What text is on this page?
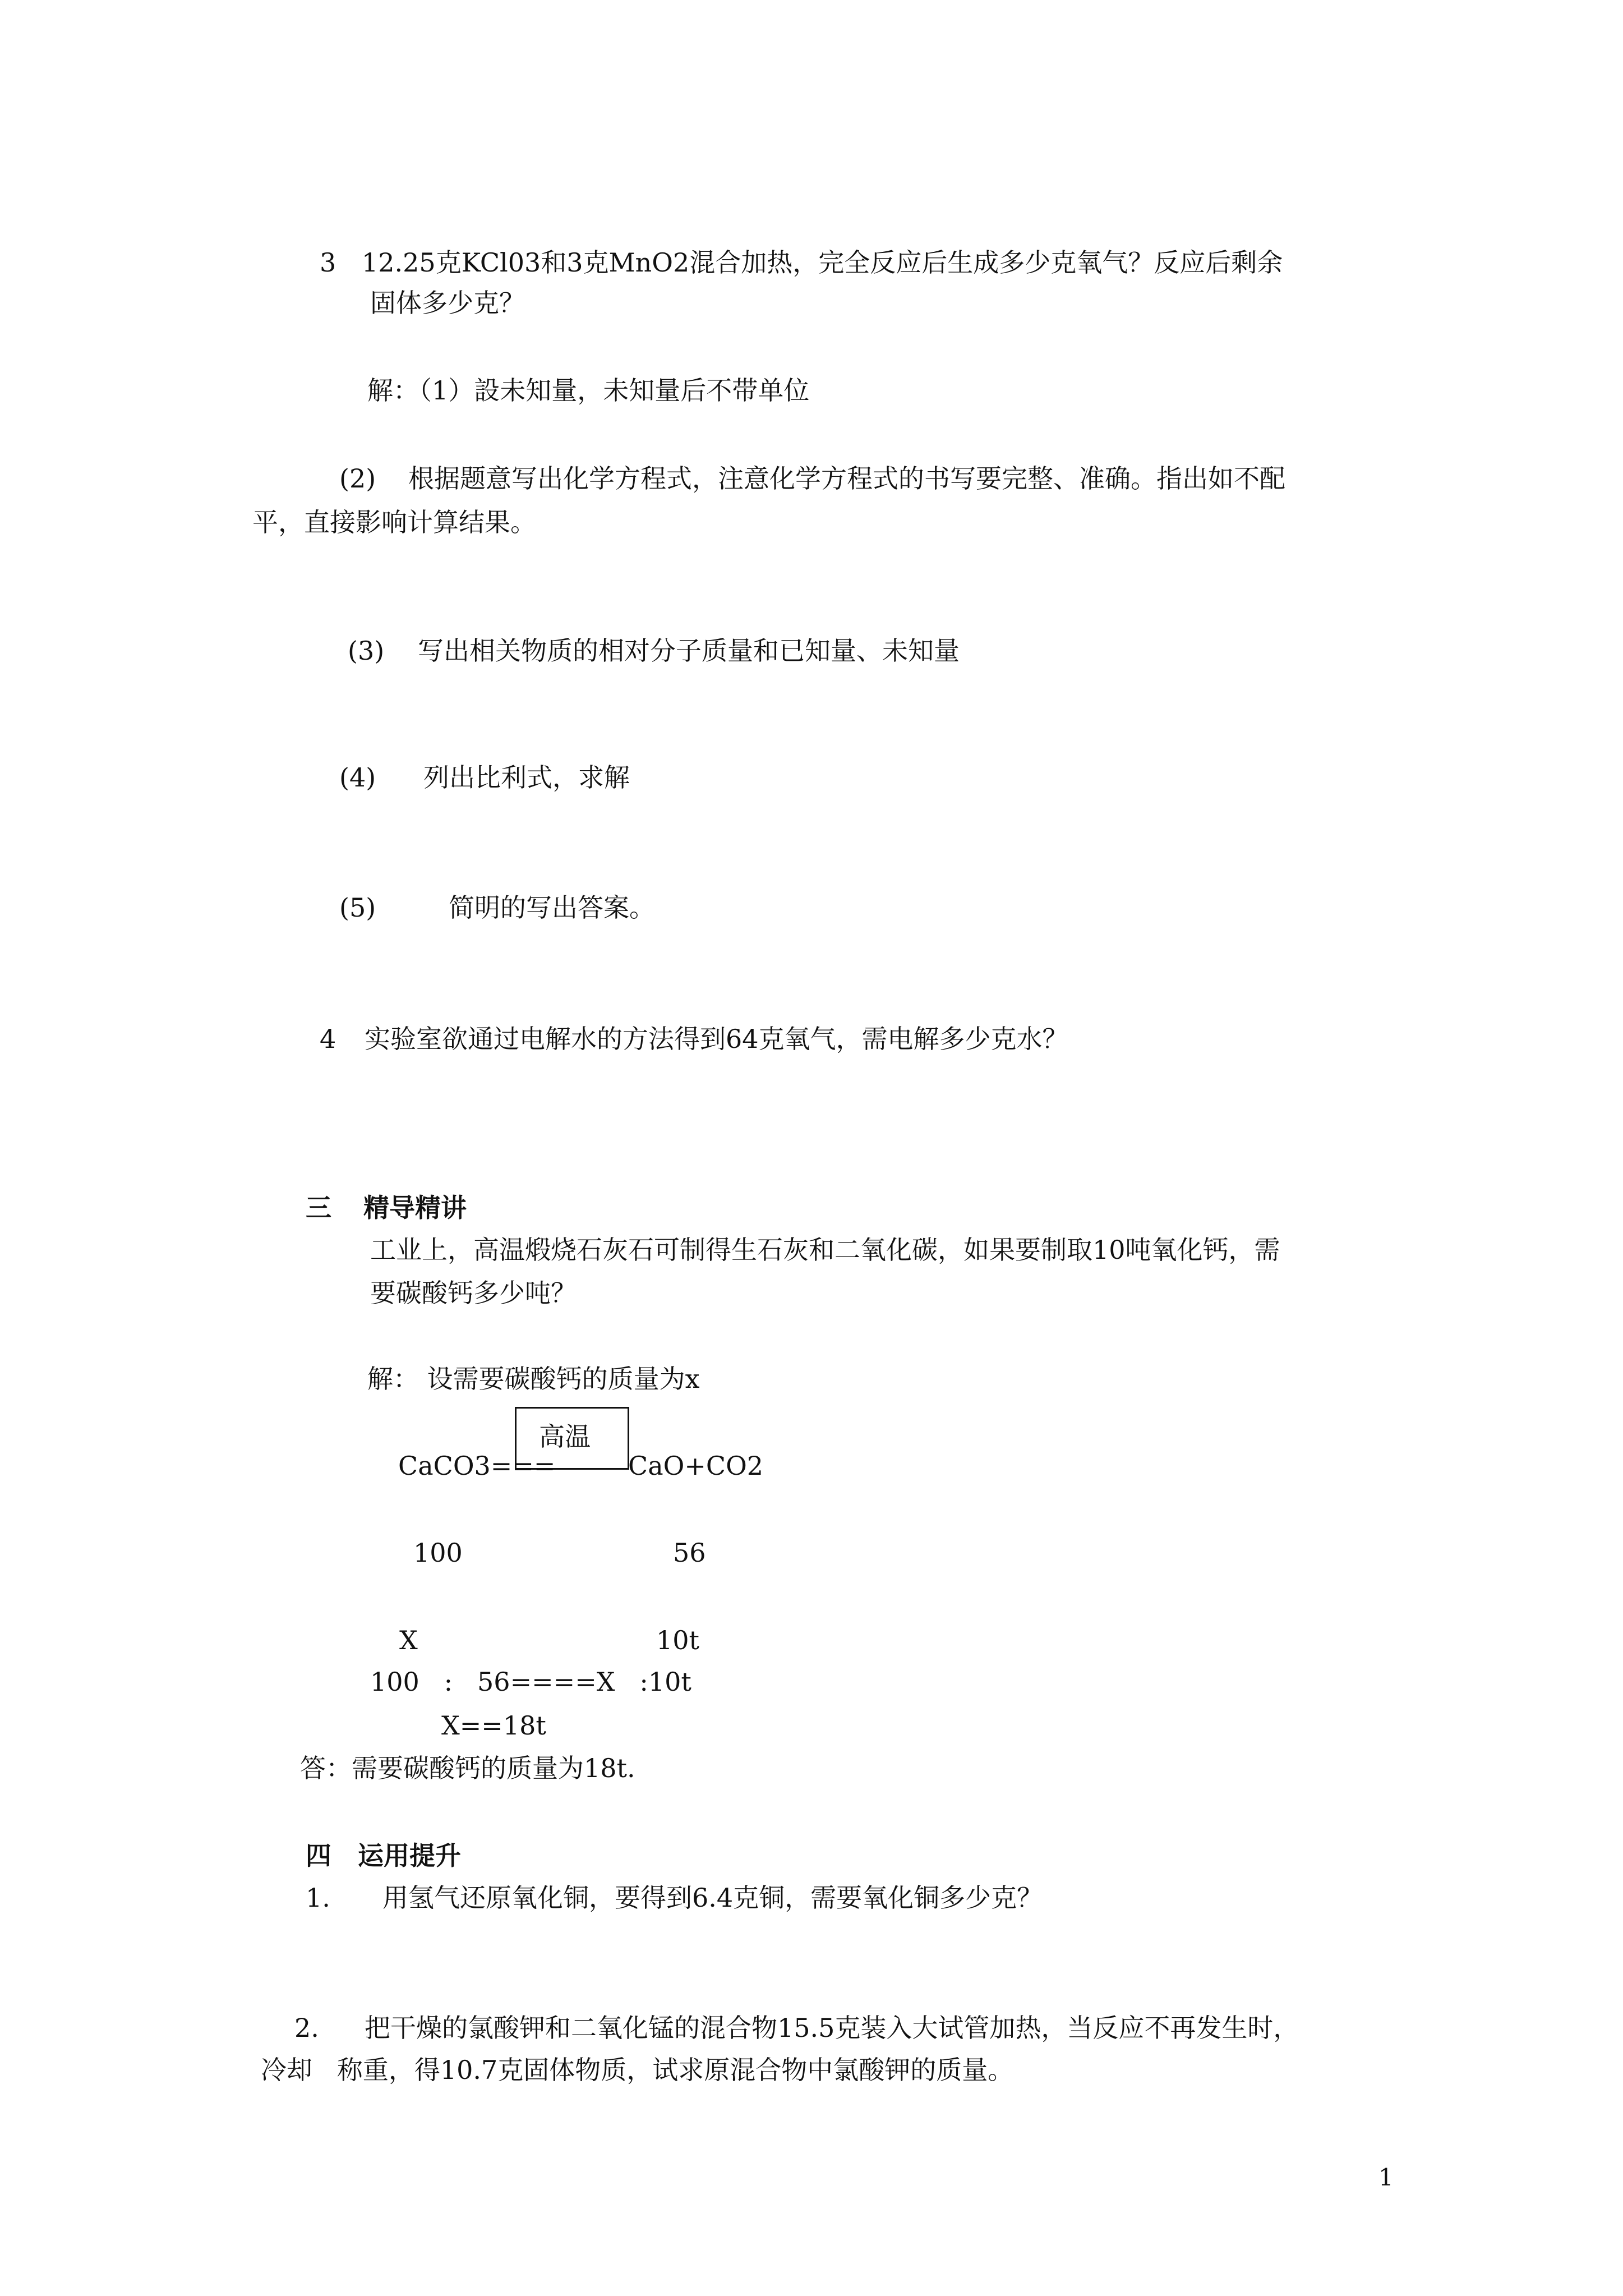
3 12.25克KCl03和3克MnO2混合加热，完全反应后生成多少克氧气？反应后剩余
固体多少克？
解：（1）設未知量，未知量后不带单位
(2) 根据题意写出化学方程式，注意化学方程式的书写要完整、准确。指出如不配
平，直接影响计算结果。
(3) 写出相关物质的相对分子质量和已知量、未知量
(4) 列出比利式，求解
(5)	简明的写出答案。
4 实验室欲通过电解水的方法得到64克氧气，需电解多少克水？
三 精导精讲
工业上，高温煅烧石灰石可制得生石灰和二氧化碳，如果要制取10吨氧化钙，需
要碳酸钙多少吨？
解： 设需要碳酸钙的质量为x
CaCO3===
高温
CaO+CO2
100	56
X	10t
100   :   56====X   :10t
X==18t
答：需要碳酸钙的质量为18t.
四 运用提升
1. 用氢气还原氧化铜，要得到6.4克铜，需要氧化铜多少克？
2. 把干燥的氯酸钾和二氧化锰的混合物15.5克装入大试管加热，当反应不再发生时，
冷却   称重，得10.7克固体物质，试求原混合物中氯酸钾的质量。
1
